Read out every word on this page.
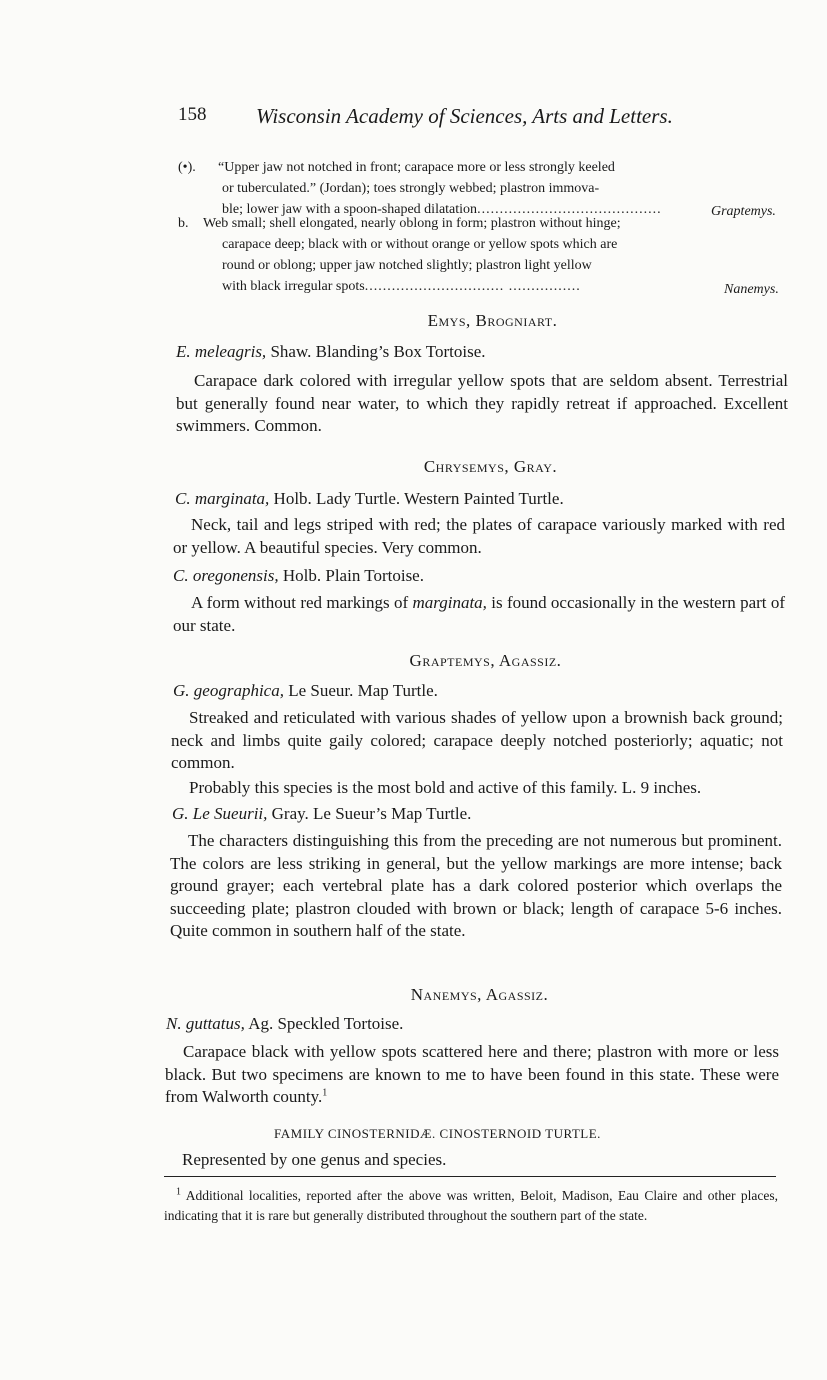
158 Wisconsin Academy of Sciences, Arts and Letters.
(•). “Upper jaw not notched in front; carapace more or less strongly keeled
or tuberculated.” (Jordan); toes strongly webbed; plastron immova-
ble; lower jaw with a spoon-shaped dilatation.........................................	Graptemys.
b. Web small; shell elongated, nearly oblong in form; plastron without hinge;
carapace deep; black with or without orange or yellow spots which are
round or oblong; upper jaw notched slightly; plastron light yellow
with black irregular spots............................... ................	Nanemys.
Emys, Brogniart.
E. meleagris, Shaw. Blanding’s Box Tortoise.
Carapace dark colored with irregular yellow spots that are seldom absent. Terrestrial but generally found near water, to which they rapidly retreat if approached. Excellent swimmers. Common.
Chrysemys, Gray.
C. marginata, Holb. Lady Turtle. Western Painted Turtle.
Neck, tail and legs striped with red; the plates of carapace variously marked with red or yellow. A beautiful species. Very common.
C. oregonensis, Holb. Plain Tortoise.
A form without red markings of marginata, is found occasionally in the western part of our state.
Graptemys, Agassiz.
G. geographica, Le Sueur. Map Turtle.
Streaked and reticulated with various shades of yellow upon a brownish back ground; neck and limbs quite gaily colored; carapace deeply notched posteriorly; aquatic; not common.
Probably this species is the most bold and active of this family. L. 9 inches.
G. Le Sueurii, Gray. Le Sueur’s Map Turtle.
The characters distinguishing this from the preceding are not numerous but prominent. The colors are less striking in general, but the yellow markings are more intense; back ground grayer; each vertebral plate has a dark colored posterior which overlaps the succeeding plate; plastron clouded with brown or black; length of carapace 5-6 inches. Quite common in southern half of the state.
Nanemys, Agassiz.
N. guttatus, Ag. Speckled Tortoise.
Carapace black with yellow spots scattered here and there; plastron with more or less black. But two specimens are known to me to have been found in this state. These were from Walworth county.$^1$
FAMILY CINOSTERNIDÆ. CINOSTERNOID TURTLE.
Represented by one genus and species.
$^1$ Additional localities, reported after the above was written, Beloit, Madison, Eau Claire and other places, indicating that it is rare but generally distributed throughout the southern part of the state.
